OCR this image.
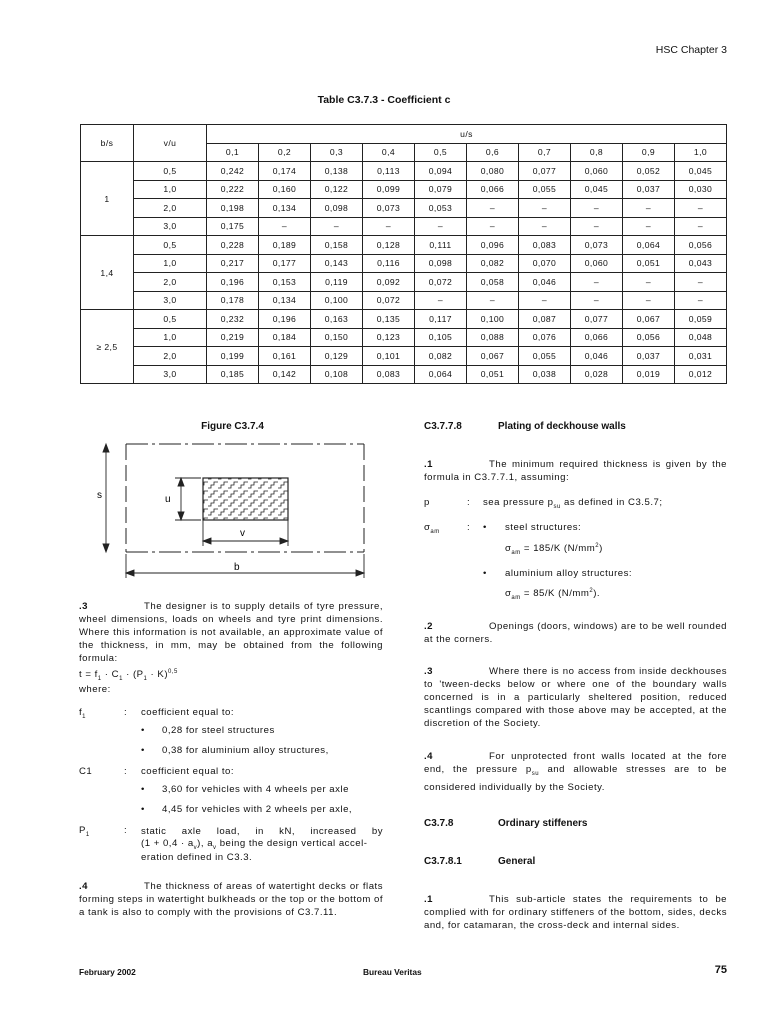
HSC Chapter 3
Table C3.7.3 - Coefficient c
b/s	v/u	u/s									
		0,1	0,2	0,3	0,4	0,5	0,6	0,7	0,8	0,9	1,0
1	0,5	0,242	0,174	0,138	0,113	0,094	0,080	0,077	0,060	0,052	0,045
	1,0	0,222	0,160	0,122	0,099	0,079	0,066	0,055	0,045	0,037	0,030
	2,0	0,198	0,134	0,098	0,073	0,053	–	–	–	–	–
	3,0	0,175	–	–	–	–	–	–	–	–	–
1,4	0,5	0,228	0,189	0,158	0,128	0,111	0,096	0,083	0,073	0,064	0,056
	1,0	0,217	0,177	0,143	0,116	0,098	0,082	0,070	0,060	0,051	0,043
	2,0	0,196	0,153	0,119	0,092	0,072	0,058	0,046	–	–	–
	3,0	0,178	0,134	0,100	0,072	–	–	–	–	–	–
≥ 2,5	0,5	0,232	0,196	0,163	0,135	0,117	0,100	0,087	0,077	0,067	0,059
	1,0	0,219	0,184	0,150	0,123	0,105	0,088	0,076	0,066	0,056	0,048
	2,0	0,199	0,161	0,129	0,101	0,082	0,067	0,055	0,046	0,037	0,031
	3,0	0,185	0,142	0,108	0,083	0,064	0,051	0,038	0,028	0,019	0,012
Figure C3.7.4
s	u
v
b
.3	The designer is to supply details of tyre pressure, wheel dimensions, loads on wheels and tyre print dimensions. Where this information is not available, an approximate value of the thickness, in mm, may be obtained from the following formula:
$t = f_1 \cdot C_1 \cdot (P_1 \cdot K)^{0,5}$
where:
$f_1$	: coefficient equal to:
• 0,28 for steel structures
• 0,38 for aluminium alloy structures,
C1	: coefficient equal to:
• 3,60 for vehicles with 4 wheels per axle
• 4,45 for vehicles with 2 wheels per axle,
$P_1$	: static axle load, in kN, increased by
$(1 + 0,4 \cdot a_v)$, $a_v$ being the design vertical accel-
eration defined in C3.3.
.4	The thickness of areas of watertight decks or flats forming steps in watertight bulkheads or the top or the bottom of a tank is also to comply with the provisions of C3.7.11.
C3.7.7.8	Plating of deckhouse walls
.1	The minimum required thickness is given by the formula in C3.7.7.1, assuming:
p	: sea pressure $p_{su}$ as defined in C3.5.7;
$\sigma_{am}$	: • steel structures:
$\sigma_{am} = 185/K$ $(N/mm^2)$
• aluminium alloy structures:
$\sigma_{am} = 85/K$ $(N/mm^2)$.
.2	Openings (doors, windows) are to be well rounded at the corners.
.3	Where there is no access from inside deckhouses to 'tween-decks below or where one of the boundary walls concerned is in a particularly sheltered position, reduced scantlings compared with those above may be accepted, at the discretion of the Society.
.4	For unprotected front walls located at the fore end, the pressure $p_{su}$ and allowable stresses are to be considered individually by the Society.
C3.7.8	Ordinary stiffeners
C3.7.8.1	General
.1	This sub-article states the requirements to be complied with for ordinary stiffeners of the bottom, sides, decks and, for catamaran, the cross-deck and internal sides.
February 2002	Bureau Veritas	75
